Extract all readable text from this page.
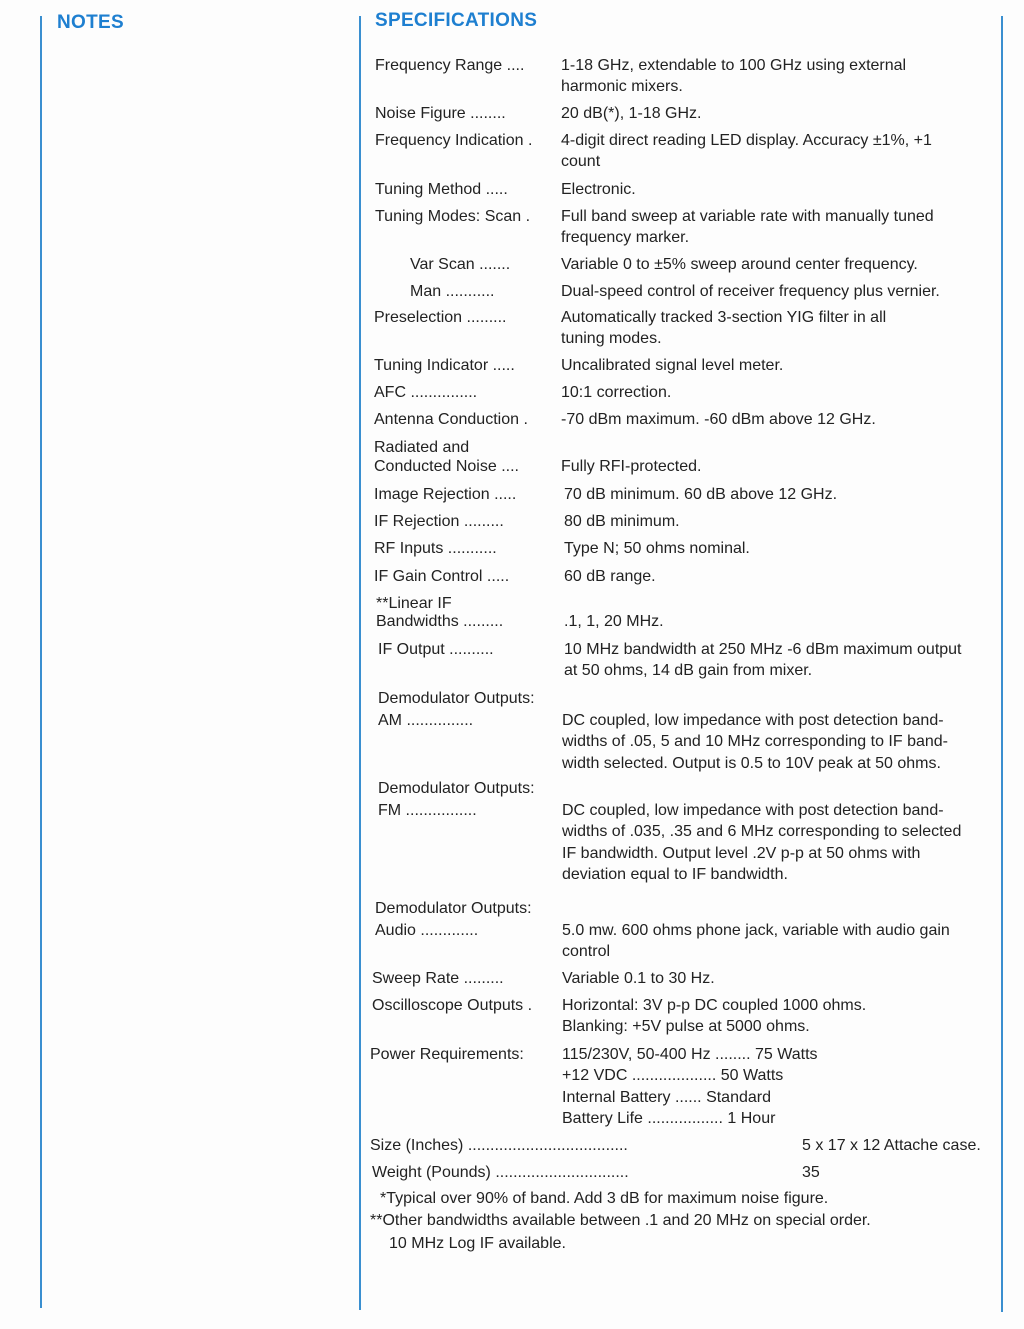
NOTES	SPECIFICATIONS
Frequency Range .... 1-18 GHz, extendable to 100 GHz using external
harmonic mixers.
Noise Figure ........	20 dB(*), 1-18 GHz.
Frequency Indication . 4-digit direct reading LED display. Accuracy ±1%, +1
count
Tuning Method .....	Electronic.
Tuning Modes: Scan . Full band sweep at variable rate with manually tuned
frequency marker.
Var Scan .......	Variable 0 to ±5% sweep around center frequency.
Man ...........	Dual-speed control of receiver frequency plus vernier.
Preselection .........	Automatically tracked 3-section YIG filter in all
tuning modes.
Tuning Indicator .....	Uncalibrated signal level meter.
AFC ...............	10:1 correction.
Antenna Conduction . -70 dBm maximum. -60 dBm above 12 GHz.
Radiated and
Conducted Noise ....	Fully RFI-protected.
Image Rejection .....	70 dB minimum. 60 dB above 12 GHz.
IF Rejection .........	80 dB minimum.
RF Inputs ...........	Type N; 50 ohms nominal.
IF Gain Control .....	60 dB range.
**Linear IF
Bandwidths .........	.1, 1, 20 MHz.
IF Output ..........	10 MHz bandwidth at 250 MHz -6 dBm maximum output
at 50 ohms, 14 dB gain from mixer.
Demodulator Outputs:
AM ...............	DC coupled, low impedance with post detection band-
widths of .05, 5 and 10 MHz corresponding to IF band-
width selected. Output is 0.5 to 10V peak at 50 ohms.
Demodulator Outputs:
FM ................	DC coupled, low impedance with post detection band-
widths of .035, .35 and 6 MHz corresponding to selected
IF bandwidth. Output level .2V p-p at 50 ohms with
deviation equal to IF bandwidth.
Demodulator Outputs:
Audio .............	5.0 mw. 600 ohms phone jack, variable with audio gain
control
Sweep Rate .........	Variable 0.1 to 30 Hz.
Oscilloscope Outputs . Horizontal: 3V p-p DC coupled 1000 ohms.
Blanking: +5V pulse at 5000 ohms.
Power Requirements: 115/230V, 50-400 Hz ........ 75 Watts
+12 VDC ................... 50 Watts
Internal Battery ...... Standard
Battery Life ................. 1 Hour
Size (Inches) ....................................	5 x 17 x 12 Attache case.
Weight (Pounds) ..............................	35
*Typical over 90% of band. Add 3 dB for maximum noise figure.
**Other bandwidths available between .1 and 20 MHz on special order.
10 MHz Log IF available.
